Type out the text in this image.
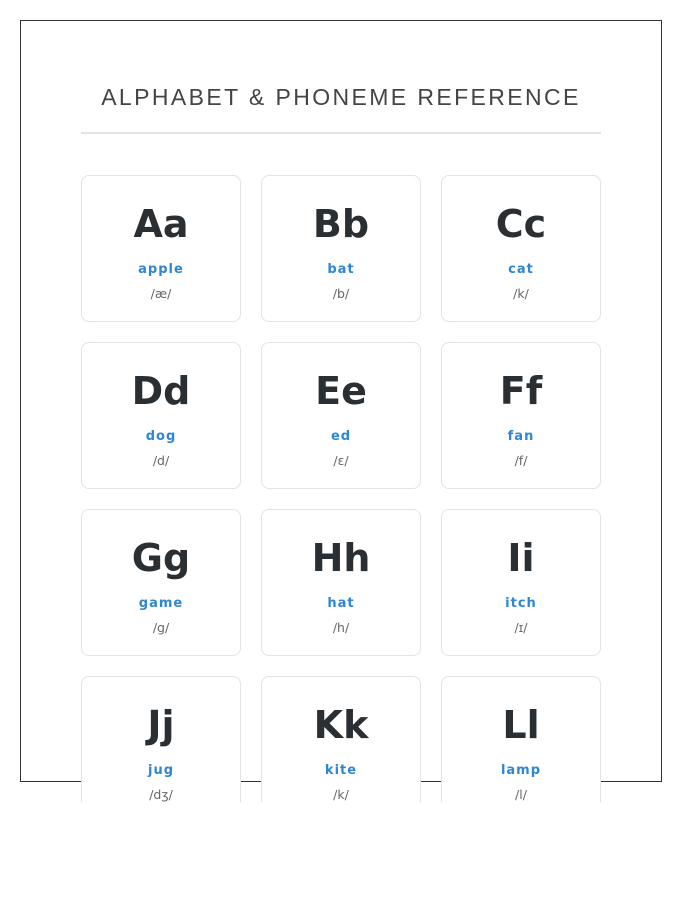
ALPHABET & PHONEME REFERENCE
Aa
apple
/æ/
Bb
bat
/b/
Cc
cat
/k/
Dd
dog
/d/
Ee
ed
/ɛ/
Ff
fan
/f/
Gg
game
/g/
Hh
hat
/h/
Ii
itch
/ɪ/
Jj
jug
/dʒ/
Kk
kite
/k/
Ll
lamp
/l/
